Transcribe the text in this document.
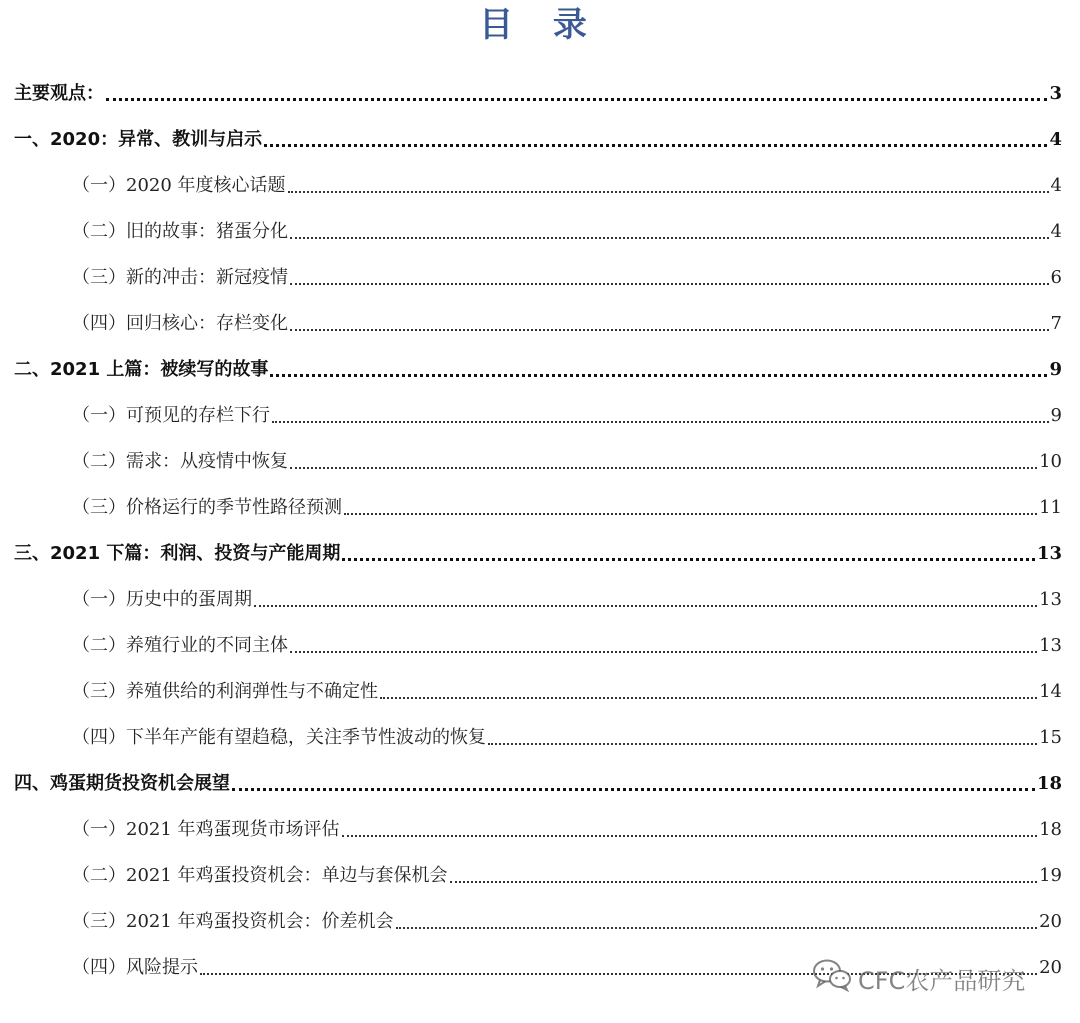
目 录
主要观点：	3
一、2020：异常、教训与启示	4
（一）2020 年度核心话题	4
（二）旧的故事：猪蛋分化	4
（三）新的冲击：新冠疫情	6
（四）回归核心：存栏变化	7
二、2021 上篇：被续写的故事	9
（一）可预见的存栏下行	9
（二）需求：从疫情中恢复	10
（三）价格运行的季节性路径预测	11
三、2021 下篇：利润、投资与产能周期	13
（一）历史中的蛋周期	13
（二）养殖行业的不同主体	13
（三）养殖供给的利润弹性与不确定性	14
（四）下半年产能有望趋稳，关注季节性波动的恢复	15
四、鸡蛋期货投资机会展望	18
（一）2021 年鸡蛋现货市场评估	18
（二）2021 年鸡蛋投资机会：单边与套保机会	19
（三）2021 年鸡蛋投资机会：价差机会	20
（四）风险提示	20
CFC农产品研究
